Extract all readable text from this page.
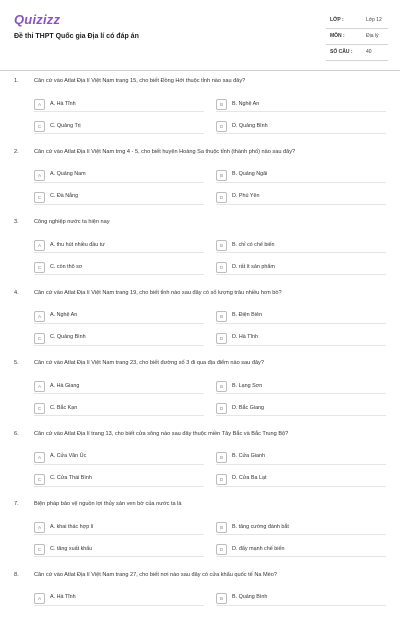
Quizizz
Đề thi THPT Quốc gia Địa lí có đáp án
LỚP :	Lớp 12
MÔN :	Địa lý
SỐ CÂU :	40
1.	Căn cứ vào Atlat Địa lí Việt Nam trang 15, cho biết Đồng Hới thuộc tỉnh nào sau đây?
A	A. Hà Tĩnh	B	B. Nghệ An
C	C. Quảng Trị	D	D. Quảng Bình
2.	Căn cứ vào Atlat Địa lí Việt Nam trng 4 - 5, cho biết huyện Hoàng Sa thuộc tỉnh (thành phố) nào sau đây?
A	A. Quảng Nam	B	B. Quảng Ngãi
C	C. Đà Nẵng	D	D. Phú Yên
3.	Công nghiệp nước ta hiện nay
A	A. thu hút nhiều đầu tư	B	B. chỉ có chế biến
C	C. còn thô sơ	D	D. rất ít sản phẩm
4.	Căn cứ vào Atlat Địa lí Việt Nam trang 19, cho biết tỉnh nào sau đây có số lượng trâu nhiều hơn bò?
A	A. Nghệ An	B	B. Điện Biên
C	C. Quảng Bình	D	D. Hà Tĩnh
5.	Căn cứ vào Atlat Địa lí Việt Nam trang 23, cho biết đường số 3 đi qua địa điểm nào sau đây?
A	A. Hà Giang	B	B. Lạng Sơn
C	C. Bắc Kạn	D	D. Bắc Giang
6.	Căn cứ vào Atlat Địa lí trang 13, cho biết cửa sông nào sau đây thuộc miền Tây Bắc và Bắc Trung Bộ?
A	A. Cửa Văn Úc	B	B. Cửa Gianh
C	C. Cửa Thái Bình	D	D. Cửa Ba Lạt
7.	Biện pháp bảo vệ nguồn lợi thủy sản ven bờ của nước ta là
A	A. khai thác hợp lí	B	B. tăng cường đánh bắt
C	C. tăng xuất khẩu	D	D. đẩy mạnh chế biến
8.	Căn cứ vào Atlat Địa lí Việt Nam trang 27, cho biết nơi nào sau đây có cửa khẩu quốc tế Na Mèo?
A	A. Hà Tĩnh	B	B. Quảng Bình
